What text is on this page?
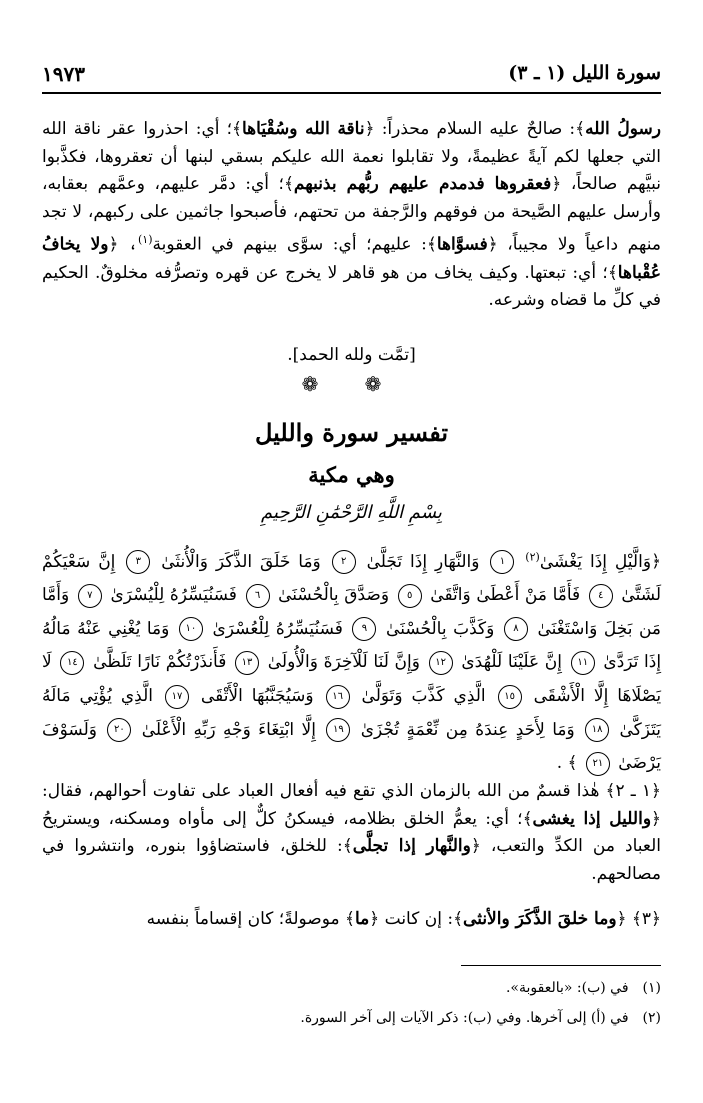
سورة الليل (١ ـ ٣)
١٩٧٣

رسولُ الله﴾: صالحٌ عليه السلام محذراً: ﴿ناقة الله وسُقْيَاها﴾؛ أي: احذروا عقر ناقة الله التي جعلها لكم آيةً عظيمةً، ولا تقابلوا نعمة الله عليكم بسقي لبنها أن تعقروها، فكذَّبوا نبيَّهم صالحاً، ﴿فعقروها فدمدم عليهم ربُّهم بذنبهم﴾؛ أي: دمَّر عليهم، وعمَّهم بعقابه، وأرسل عليهم الصَّيحة من فوقهم والرَّجفة من تحتهم، فأصبحوا جاثمين على ركبهم، لا تجد منهم داعياً ولا مجيباً، ﴿فسوَّاها﴾: عليهم؛ أي: سوَّى بينهم في العقوبة$^{(١)}$، ﴿ولا يخافُ عُقْباها﴾؛ أي: تبعتها. وكيف يخاف من هو قاهر لا يخرج عن قهره وتصرُّفه مخلوقٌ. الحكيم في كلِّ ما قضاه وشرعه.

[تمَّت ولله الحمد].
❁ ❁
تفسير سورة والليل
وهي مكية
بِسْمِ اللَّهِ الرَّحْمَٰنِ الرَّحِيمِ
﴿وَالَّيْلِ إِذَا يَغْشَىٰ$^{(٢)}$ ١ وَالنَّهَارِ إِذَا تَجَلَّىٰ ٢ وَمَا خَلَقَ الذَّكَرَ وَالْأُنثَىٰ ٣ إِنَّ سَعْيَكُمْ لَشَتَّىٰ ٤ فَأَمَّا مَنْ أَعْطَىٰ وَاتَّقَىٰ ٥ وَصَدَّقَ بِالْحُسْنَىٰ ٦ فَسَنُيَسِّرُهُ لِلْيُسْرَىٰ ٧ وَأَمَّا مَن بَخِلَ وَاسْتَغْنَىٰ ٨ وَكَذَّبَ بِالْحُسْنَىٰ ٩ فَسَنُيَسِّرُهُ لِلْعُسْرَىٰ ١٠ وَمَا يُغْنِي عَنْهُ مَالُهُ إِذَا تَرَدَّىٰ ١١ إِنَّ عَلَيْنَا لَلْهُدَىٰ ١٢ وَإِنَّ لَنَا لَلْآخِرَةَ وَالْأُولَىٰ ١٣ فَأَنذَرْتُكُمْ نَارًا تَلَظَّىٰ ١٤ لَا يَصْلَاهَا إِلَّا الْأَشْقَى ١٥ الَّذِي كَذَّبَ وَتَوَلَّىٰ ١٦ وَسَيُجَنَّبُهَا الْأَتْقَى ١٧ الَّذِي يُؤْتِي مَالَهُ يَتَزَكَّىٰ ١٨ وَمَا لِأَحَدٍ عِندَهُ مِن نِّعْمَةٍ تُجْزَىٰ ١٩ إِلَّا ابْتِغَاءَ وَجْهِ رَبِّهِ الْأَعْلَىٰ ٢٠ وَلَسَوْفَ يَرْضَىٰ ٢١ ﴾ .

﴿١ ـ ٢﴾ هٰذا قسمٌ من الله بالزمان الذي تقع فيه أفعال العباد على تفاوت أحوالهم، فقال: ﴿والليل إذا يغشى﴾؛ أي: يعمُّ الخلق بظلامه، فيسكنُ كلٌّ إلى مأواه ومسكنه، ويستريحُ العباد من الكدِّ والتعب، ﴿والنَّهار إذا تجلَّى﴾: للخلق، فاستضاؤوا بنوره، وانتشروا في مصالحهم.

﴿٣﴾ ﴿وما خلقَ الذَّكَرَ والأنثى﴾: إن كانت ﴿ما﴾ موصولةً؛ كان إقساماً بنفسه

(١) في (ب): «بالعقوبة».
(٢) في (أ) إلى آخرها. وفي (ب): ذكر الآيات إلى آخر السورة.
